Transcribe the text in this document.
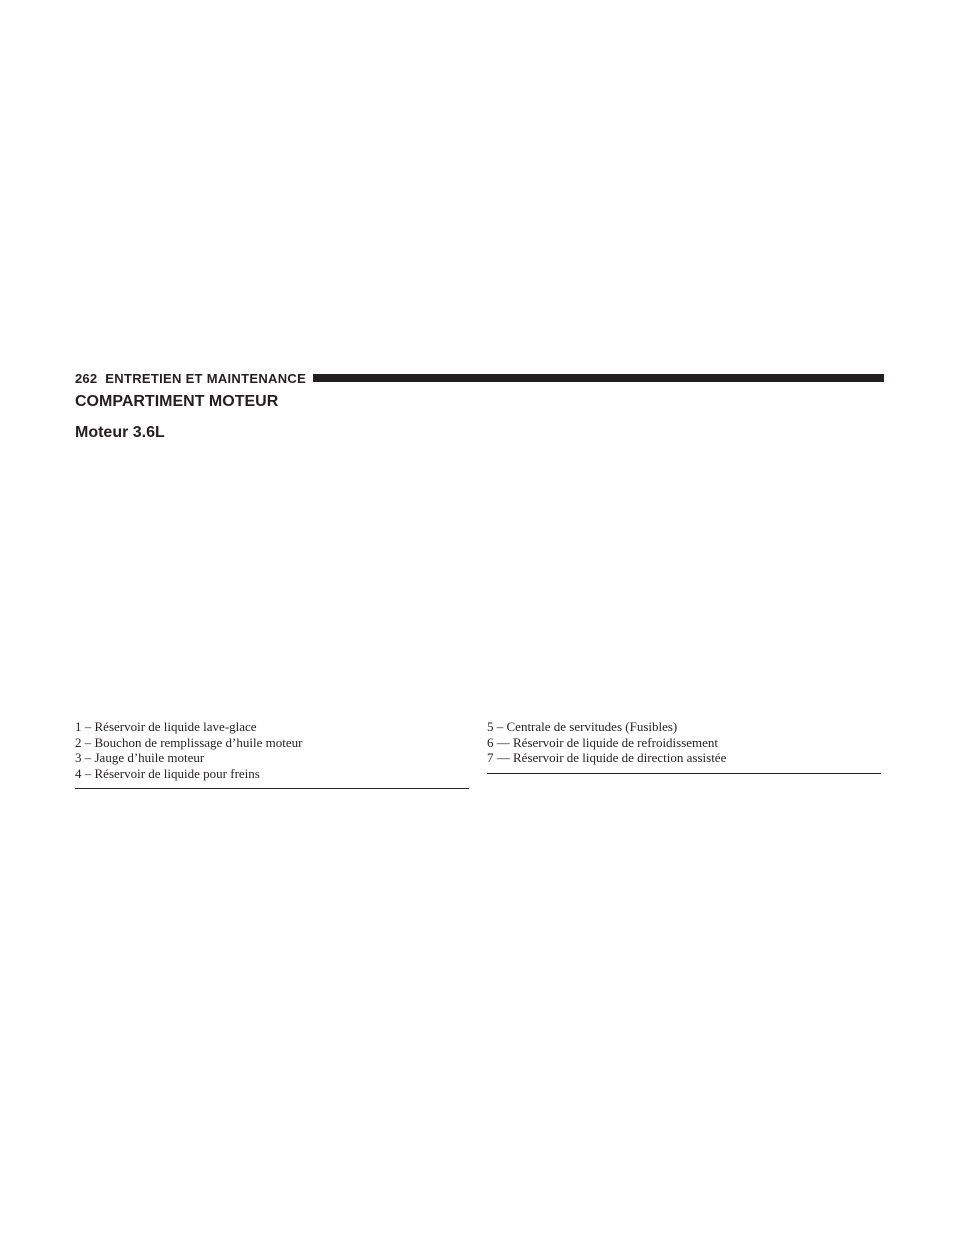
262 ENTRETIEN ET MAINTENANCE
COMPARTIMENT MOTEUR
Moteur 3.6L
1 – Réservoir de liquide lave-glace
2 – Bouchon de remplissage d’huile moteur
3 – Jauge d’huile moteur
4 – Réservoir de liquide pour freins
5 – Centrale de servitudes (Fusibles)
6 — Réservoir de liquide de refroidissement
7 — Réservoir de liquide de direction assistée
